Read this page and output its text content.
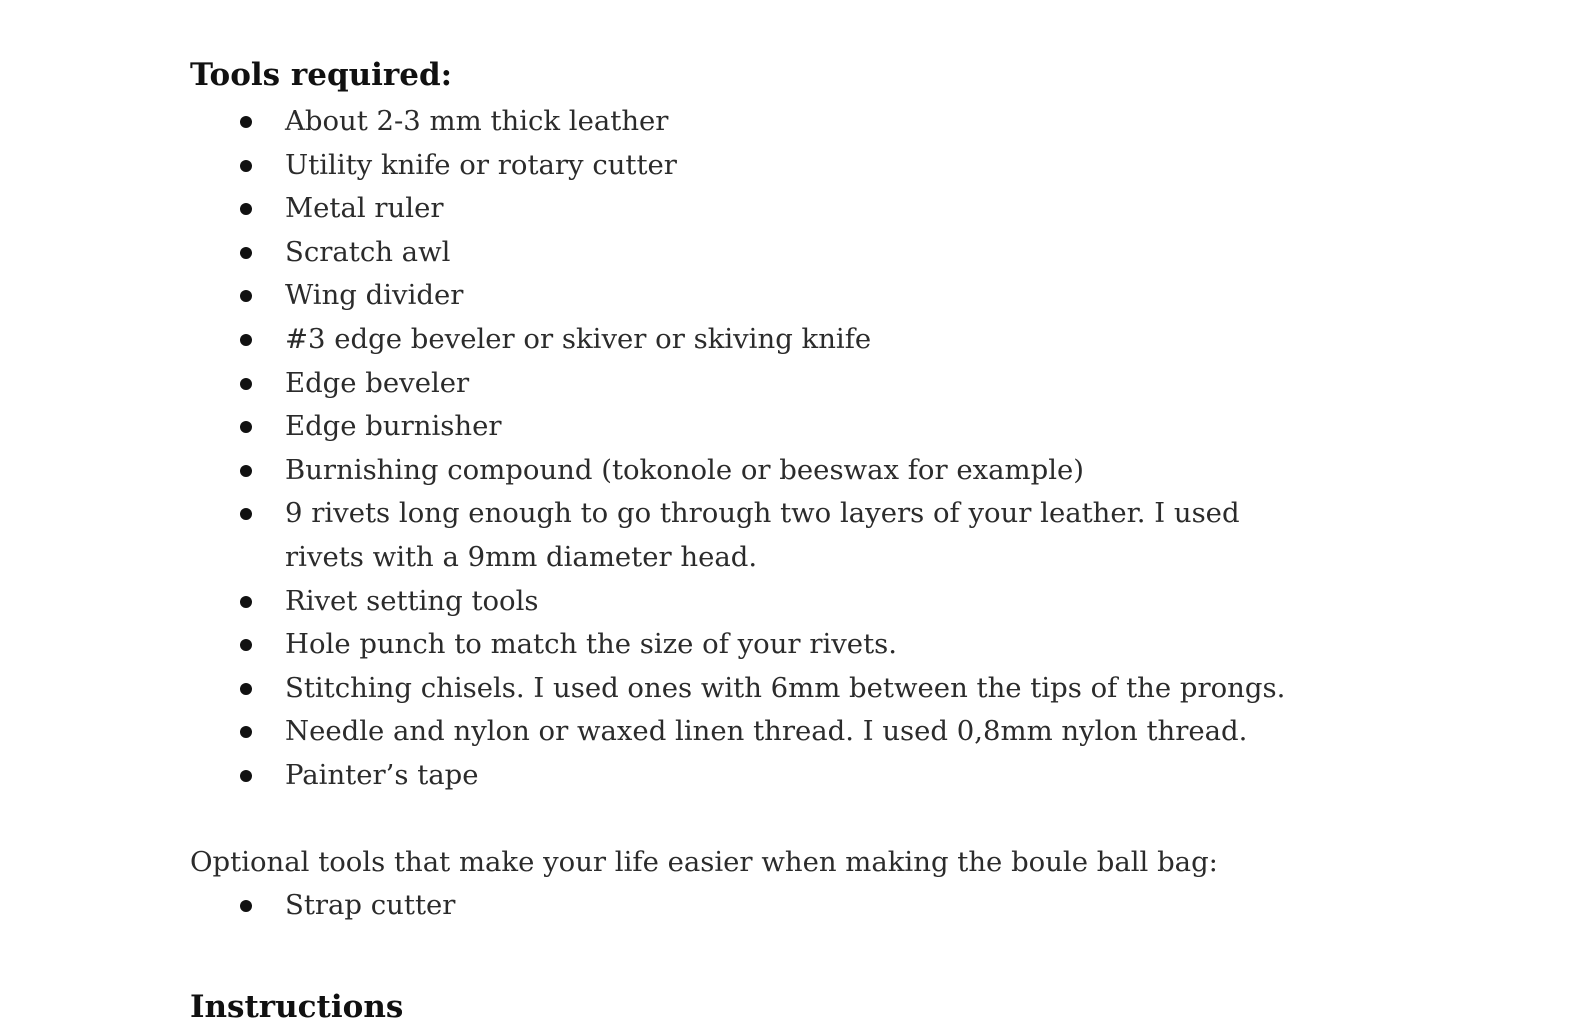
Tools required:
About 2-3 mm thick leather
Utility knife or rotary cutter
Metal ruler
Scratch awl
Wing divider
#3 edge beveler or skiver or skiving knife
Edge beveler
Edge burnisher
Burnishing compound (tokonole or beeswax for example)
9 rivets long enough to go through two layers of your leather. I used rivets with a 9mm diameter head.
Rivet setting tools
Hole punch to match the size of your rivets.
Stitching chisels. I used ones with 6mm between the tips of the prongs.
Needle and nylon or waxed linen thread. I used 0,8mm nylon thread.
Painter’s tape

Optional tools that make your life easier when making the boule ball bag:

Strap cutter
Instructions
